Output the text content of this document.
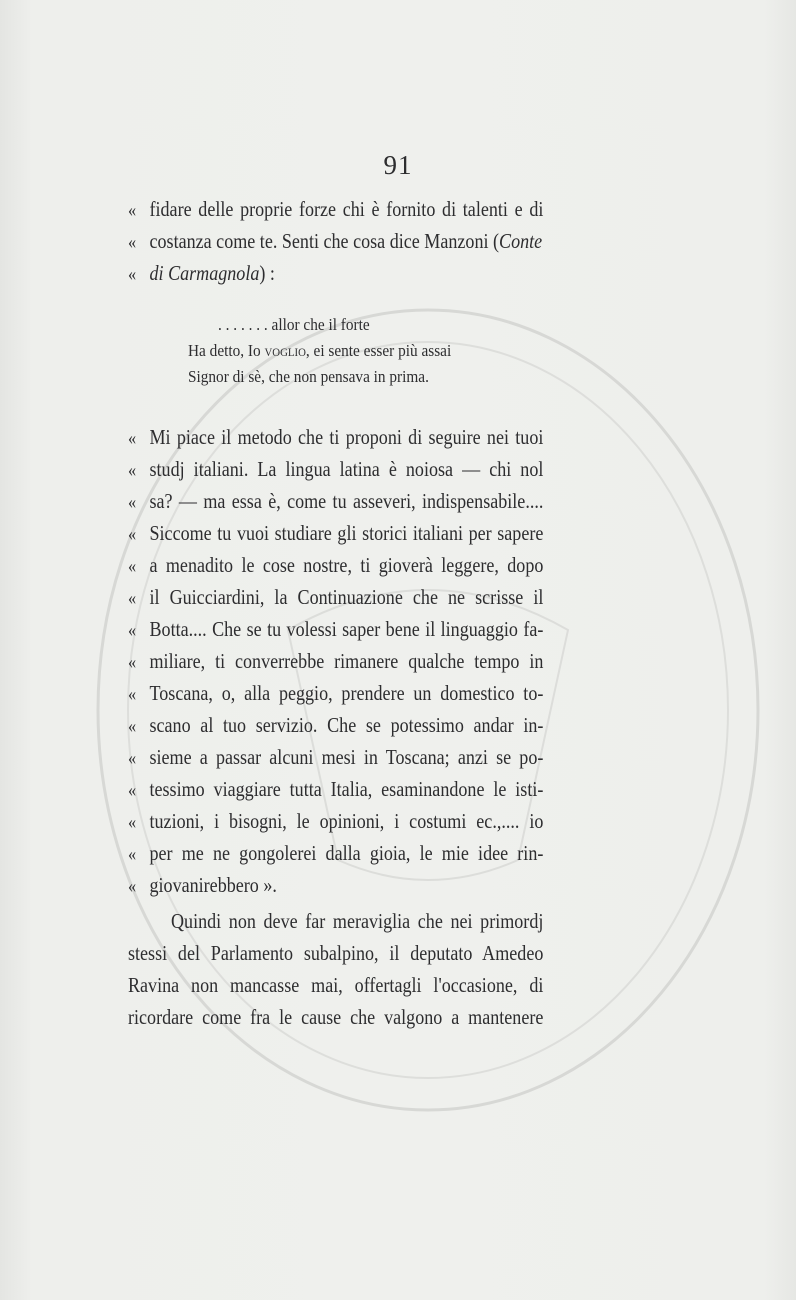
91
« fidare delle proprie forze chi è fornito di talenti e di
« costanza come te. Senti che cosa dice Manzoni (Conte
« di Carmagnola) :
. . . . . . . allor che il forte
Ha detto, Io voglio, ei sente esser più assai
Signor di sè, che non pensava in prima.
« Mi piace il metodo che ti proponi di seguire nei tuoi
« studj italiani. La lingua latina è noiosa — chi nol
« sa? — ma essa è, come tu asseveri, indispensabile....
« Siccome tu vuoi studiare gli storici italiani per sapere
« a menadito le cose nostre, ti gioverà leggere, dopo
« il Guicciardini, la Continuazione che ne scrisse il
« Botta.... Che se tu volessi saper bene il linguaggio fa-
« miliare, ti converrebbe rimanere qualche tempo in
« Toscana, o, alla peggio, prendere un domestico to-
« scano al tuo servizio. Che se potessimo andar in-
« sieme a passar alcuni mesi in Toscana; anzi se po-
« tessimo viaggiare tutta Italia, esaminandone le isti-
« tuzioni, i bisogni, le opinioni, i costumi ec.,.... io
« per me ne gongolerei dalla gioia, le mie idee rin-
« giovanirebbero ».
Quindi non deve far meraviglia che nei primordj
stessi del Parlamento subalpino, il deputato Amedeo
Ravina non mancasse mai, offertagli l'occasione, di
ricordare come fra le cause che valgono a mantenere
